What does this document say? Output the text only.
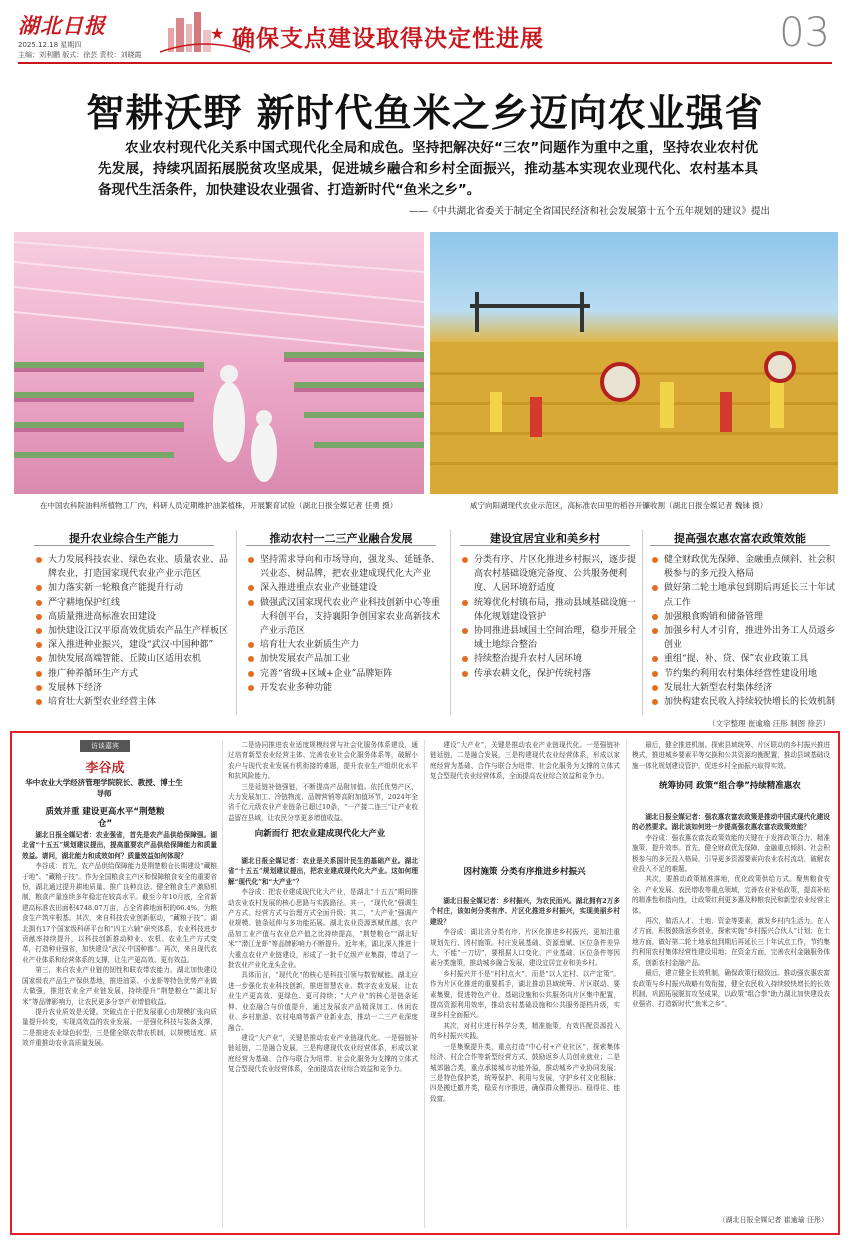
湖北日报
2025.12.18 星期四
主编：刘利鹏 版式：徐芸 责校：刘晓霞
★ 确保支点建设取得决定性进展	03
智耕沃野 新时代鱼米之乡迈向农业强省

农业农村现代化关系中国式现代化全局和成色。坚持把解决好“三农”问题作为重中之重，坚持农业农村优先发展，持续巩固拓展脱贫攻坚成果，促进城乡融合和乡村全面振兴，推动基本实现农业现代化、农村基本具备现代生活条件，加快建设农业强省、打造新时代“鱼米之乡”。

——《中共湖北省委关于制定全省国民经济和社会发展第十五个五年规划的建议》提出
在中国农科院油料所植物工厂内，科研人员定期维护油菜植株，开展繁育试验（湖北日报全媒记者 任勇 摄）	咸宁向阳湖现代农业示范区，高标准农田里的稻谷开镰收割（湖北日报全媒记者 魏铼 摄）
提升农业综合生产能力
大力发展科技农业、绿色农业、质量农业、品牌农业，打造国家现代农业产业示范区
加力落实新一轮粮食产能提升行动
严守耕地保护红线
高质量推进高标准农田建设
加快建设江汉平原高效优质农产品生产样板区
深入推进种业振兴，建设“武汉·中国种都”
加快发展高端智能、丘陵山区适用农机
推广种养循环生产方式
发展林下经济
培育壮大新型农业经营主体
推动农村一二三产业融合发展
坚持需求导向和市场导向，强龙头、延链条、兴业态、树品牌，把农业建成现代化大产业
深入推进重点农业产业链建设
做强武汉国家现代农业产业科技创新中心等重大科创平台，支持襄阳争创国家农业高新技术产业示范区
培育壮大农业新质生产力
加快发展农产品加工业
完善“省级+区域+企业”品牌矩阵
开发农业多种功能
建设宜居宜业和美乡村
分类有序、片区化推进乡村振兴，逐步提高农村基础设施完备度、公共服务便利度、人居环境舒适度
统筹优化村镇布局，推动县域基础设施一体化规划建设管护
协同推进县域国土空间治理，稳步开展全域土地综合整治
持续整治提升农村人居环境
传承农耕文化，保护传统村落
提高强农惠农富农政策效能
健全财政优先保障、金融重点倾斜、社会积极参与的多元投入格局
做好第二轮土地承包到期后再延长三十年试点工作
加强粮食购销和储备管理
加强乡村人才引育，推进外出务工人员返乡创业
重组“提、补、贷、保”农业政策工具
节约集约利用农村集体经营性建设用地
发展壮大新型农村集体经济
加快构建农民收入持续较快增长的长效机制
（文字整理 崔逾瑜 汪彤 制图 徐芸）
访谈嘉宾
李谷成
华中农业大学经济管理学院院长、教授、博士生导师
质效并重 建设更高水平“荆楚粮仓”

湖北日报全媒记者：农业强省，首先是农产品供给保障强。湖北省“十五五”规划建议提出，提高重要农产品供给保障能力和质量效益。请问，湖北能力和成效如何？质量效益如何体现？

李谷成：首先，农产品供给保障能力是荆楚粮仓长期建设“藏粮于地”、“藏粮于技”。作为全国粮食主产区和保障粮食安全的重要省份，湖北通过提升耕地质量、推广良种良法、健全粮食生产激励机制，粮食产量连续多年稳定在较高水平。截至今年10月底，全省新建高标准农田面积4748.07万亩，占全省耕地面积的66.4%，为粮食生产筑牢根基。其次，来自科技农业创新驱动，“藏粮于技”。湖北拥有17个国家级科研平台和“四主六辅”研究体系，农业科技进步贡献率持续提升，以科技创新推动种业、农机、农业生产方式变革，打造种业强省，加快建设“武汉·中国种都”。再次，来自现代农业产业体系和经营体系的支撑，让生产更高效、更有效益。

第三，来自农业产业链的韧性和联农带农能力。湖北加快建设国家级农产品生产保供基地，推进油菜、小龙虾等特色优势产业做大做强，推进农业全产业链发展，持续提升“荆楚粮仓”“湖北好米”等品牌影响力，让农民更多分享产业增值收益。

提升农业质效是关键。突破点在于把发展重心由规模扩张向质量提升转变，实现高效益的农业发展。一是强化科技与装备支撑，二是推进农业绿色转型，三是健全联农带农机制，以规模适度、质效并重推动农业高质量发展。

二是协同推进农业适度规模经营与社会化服务体系建设，通过培育新型农业经营主体、完善农业社会化服务体系等，破解小农户与现代农业发展有机衔接的难题，提升农业生产组织化水平和抗风险能力。

三是延链补链强链，不断提高产品附加值。依托优势产区，大力发展加工、冷链物流、品牌营销等高附加值环节，2024年全省千亿元级农业产业链条已超过10条，“一产接二连三”让产业收益留在县域，让农民分享更多增值收益。

向新而行 把农业建成现代化大产业

湖北日报全媒记者：农业是关系国计民生的基础产业。湖北省“十五五”规划建议提出，把农业建成现代化大产业。这如何理解“现代化”和“大产业”？

李谷成：把农业建成现代化大产业，是湖北“十五五”期间推动农业农村发展的核心思路与实践路径。其一，“现代化”强调生产方式、经营方式与治理方式全面升级；其二，“大产业”强调产业规模、链条延伸与多功能拓展。湖北农业资源禀赋优越，农产品加工业产值与农业总产值之比持续提高，“荆楚粮仓”“湖北好米”“潜江龙虾”等品牌影响力不断提升。近年来，湖北深入推进十大重点农业产业链建设，形成了一批千亿级产业集群，带动了一批农业产业化龙头企业。

具体而言，“现代化”的核心是科技引领与数智赋能。湖北应进一步强化农业科技创新，推进智慧农业、数字农业发展，让农业生产更高效、更绿色、更可持续；“大产业”的核心是链条延伸、业态融合与价值提升，通过发展农产品精深加工、休闲农业、乡村旅游、农村电商等新产业新业态，推动一二三产业深度融合。

建设“大产业”，关键是推动农业产业链现代化。一是强链补链延链，二是融合发展，三是构建现代农业经营体系，形成以家庭经营为基础、合作与联合为纽带、社会化服务为支撑的立体式复合型现代农业经营体系，全面提高农业综合效益和竞争力。

建设“大产业”，关键是推动农业产业链现代化。一是强链补链延链，二是融合发展，三是构建现代农业经营体系，形成以家庭经营为基础、合作与联合为纽带、社会化服务为支撑的立体式复合型现代农业经营体系，全面提高农业综合效益和竞争力。

因村施策 分类有序推进乡村振兴

湖北日报全媒记者：乡村振兴，为农民而兴。湖北拥有2万多个村庄，该如何分类有序、片区化推进乡村振兴，实现美丽乡村建设？

李谷成：湖北省分类有序、片区化推进乡村振兴，更加注重规划先行、因村施策。村庄发展基础、资源禀赋、区位条件差异大，不能“一刀切”，要根据人口变化、产业基础、区位条件等因素分类施策，推动城乡融合发展，建设宜居宜业和美乡村。

乡村振兴并不是“村村点火”，而是“以人定村、以产定策”。作为片区化推进的重要抓手，湖北推动县域统筹、片区联动、要素集聚，促进特色产业、基础设施和公共服务向片区集中配置，提高资源利用效率，推动农村基础设施和公共服务提档升级，实现乡村全面振兴。

其次，对村庄进行科学分类，精准施策，有效匹配资源投入的乡村振兴实践。

一是集聚提升类，重点打造“中心村+产业社区”，探索集体经济、村企合作等新型经营方式，鼓励返乡人员创业就业；二是城郊融合类，重点承接城市功能外溢，推动城乡产业协同发展；三是特色保护类，统筹保护、利用与发展，守护乡村文化根脉；四是搬迁撤并类，稳妥有序推进，确保群众搬得出、稳得住、能致富。

最后，健全推进机制。探索县域统筹、片区联动的乡村振兴推进模式，推进城乡要素平等交换和公共资源均衡配置，推动县域基础设施一体化规划建设管护，促进乡村全面振兴取得实效。

统筹协同 政策“组合拳”持续精准惠农

湖北日报全媒记者：强农惠农富农政策是推动中国式现代化建设的必然要求。湖北该如何进一步提高强农惠农富农政策效能？

李谷成：强农惠农富农政策效能的关键在于发挥政策合力、精准施策、提升效率。首先，健全财政优先保障、金融重点倾斜、社会积极参与的多元投入格局，引导更多资源要素向农业农村流动，破解农业投入不足的难题。

其次，要推动政策精准落地，优化政策供给方式。聚焦粮食安全、产业发展、农民增收等重点领域，完善农业补贴政策，提高补贴的精准性和指向性，让政策红利更多惠及种粮农民和新型农业经营主体。

再次，做活人才、土地、资金等要素，激发乡村内生活力。在人才方面，积极鼓励返乡创业，探索实施“乡村振兴合伙人”计划；在土地方面，做好第二轮土地承包到期后再延长三十年试点工作，节约集约利用农村集体经营性建设用地；在资金方面，完善农村金融服务体系，创新农村金融产品。

最后，建立健全长效机制，确保政策行稳致远。推动强农惠农富农政策与乡村振兴战略有效衔接，健全农民收入持续较快增长的长效机制，巩固拓展脱贫攻坚成果，以政策“组合拳”助力湖北加快建设农业强省、打造新时代“鱼米之乡”。

（湖北日报全媒记者 崔逾瑜 汪彤）
